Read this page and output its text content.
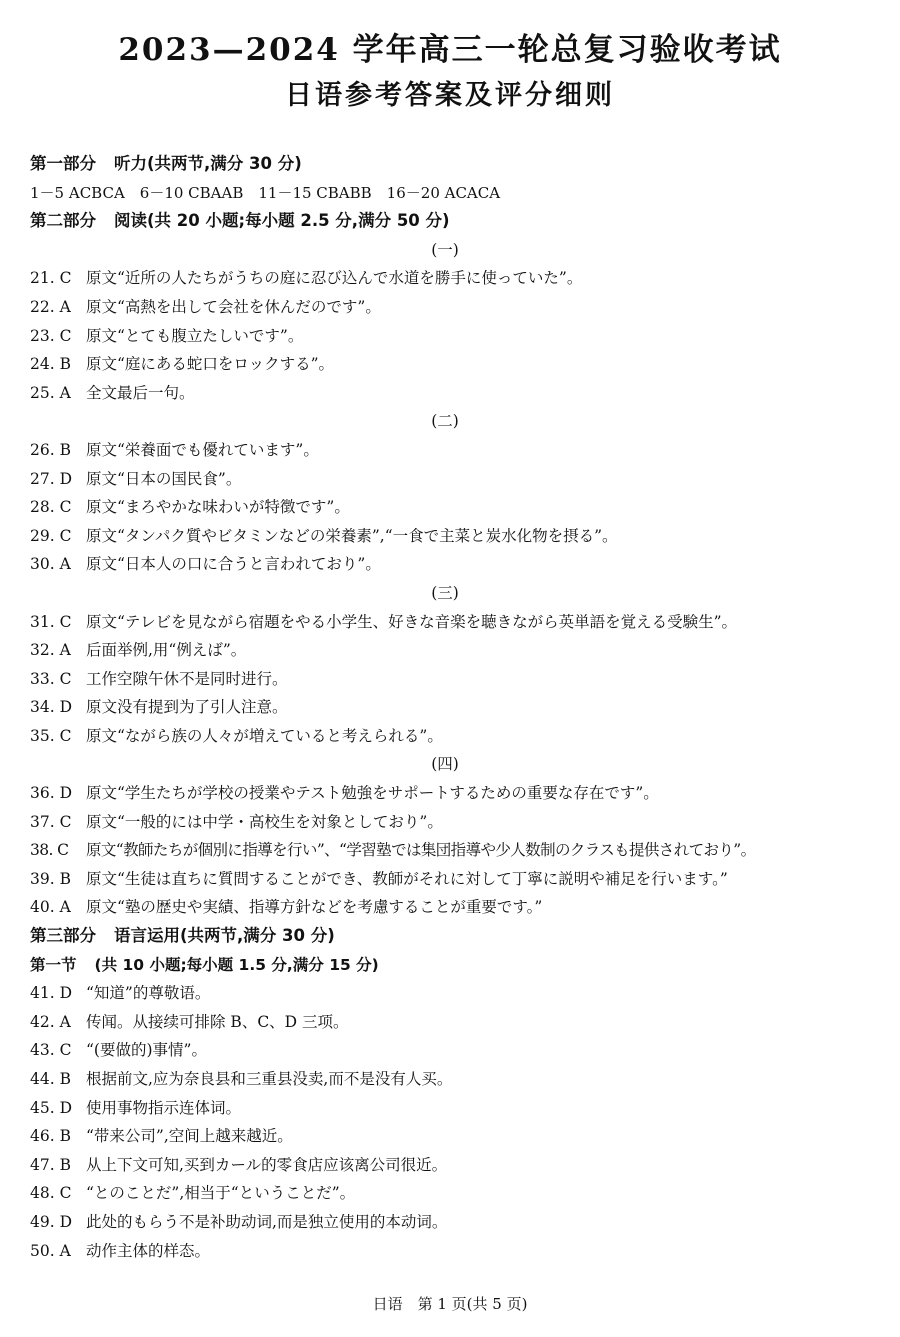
2023—2024 学年高三一轮总复习验收考试
日语参考答案及评分细则
第一部分 听力(共两节,满分 30 分)
1－5 ACBCA　6－10 CBAAB　11－15 CBABB　16－20 ACACA
第二部分 阅读(共 20 小题;每小题 2.5 分,满分 50 分)
(一)
21. C 原文“近所の人たちがうちの庭に忍び込んで水道を勝手に使っていた”。
22. A 原文“高熱を出して会社を休んだのです”。
23. C 原文“とても腹立たしいです”。
24. B 原文“庭にある蛇口をロックする”。
25. A 全文最后一句。
(二)
26. B 原文“栄養面でも優れています”。
27. D 原文“日本の国民食”。
28. C 原文“まろやかな味わいが特徴です”。
29. C 原文“タンパク質やビタミンなどの栄養素”,“一食で主菜と炭水化物を摂る”。
30. A 原文“日本人の口に合うと言われており”。
(三)
31. C 原文“テレビを見ながら宿題をやる小学生、好きな音楽を聴きながら英単語を覚える受験生”。
32. A 后面举例,用“例えば”。
33. C 工作空隙午休不是同时进行。
34. D 原文没有提到为了引人注意。
35. C 原文“ながら族の人々が増えていると考えられる”。
(四)
36. D 原文“学生たちが学校の授業やテスト勉強をサポートするための重要な存在です”。
37. C 原文“一般的には中学・高校生を対象としており”。
38. C 原文“教師たちが個別に指導を行い”、“学習塾では集団指導や少人数制のクラスも提供されており”。
39. B 原文“生徒は直ちに質問することができ、教師がそれに対して丁寧に説明や補足を行います。”
40. A 原文“塾の歴史や実績、指導方針などを考慮することが重要です。”
第三部分 语言运用(共两节,满分 30 分)
第一节 (共 10 小题;每小题 1.5 分,满分 15 分)
41. D “知道”的尊敬语。
42. A 传闻。从接续可排除 B、C、D 三项。
43. C “(要做的)事情”。
44. B 根据前文,应为奈良县和三重县没卖,而不是没有人买。
45. D 使用事物指示连体词。
46. B “带来公司”,空间上越来越近。
47. B 从上下文可知,买到カール的零食店应该离公司很近。
48. C “とのことだ”,相当于“ということだ”。
49. D 此处的もらう不是补助动词,而是独立使用的本动词。
50. A 动作主体的样态。
日语　第 1 页(共 5 页)
